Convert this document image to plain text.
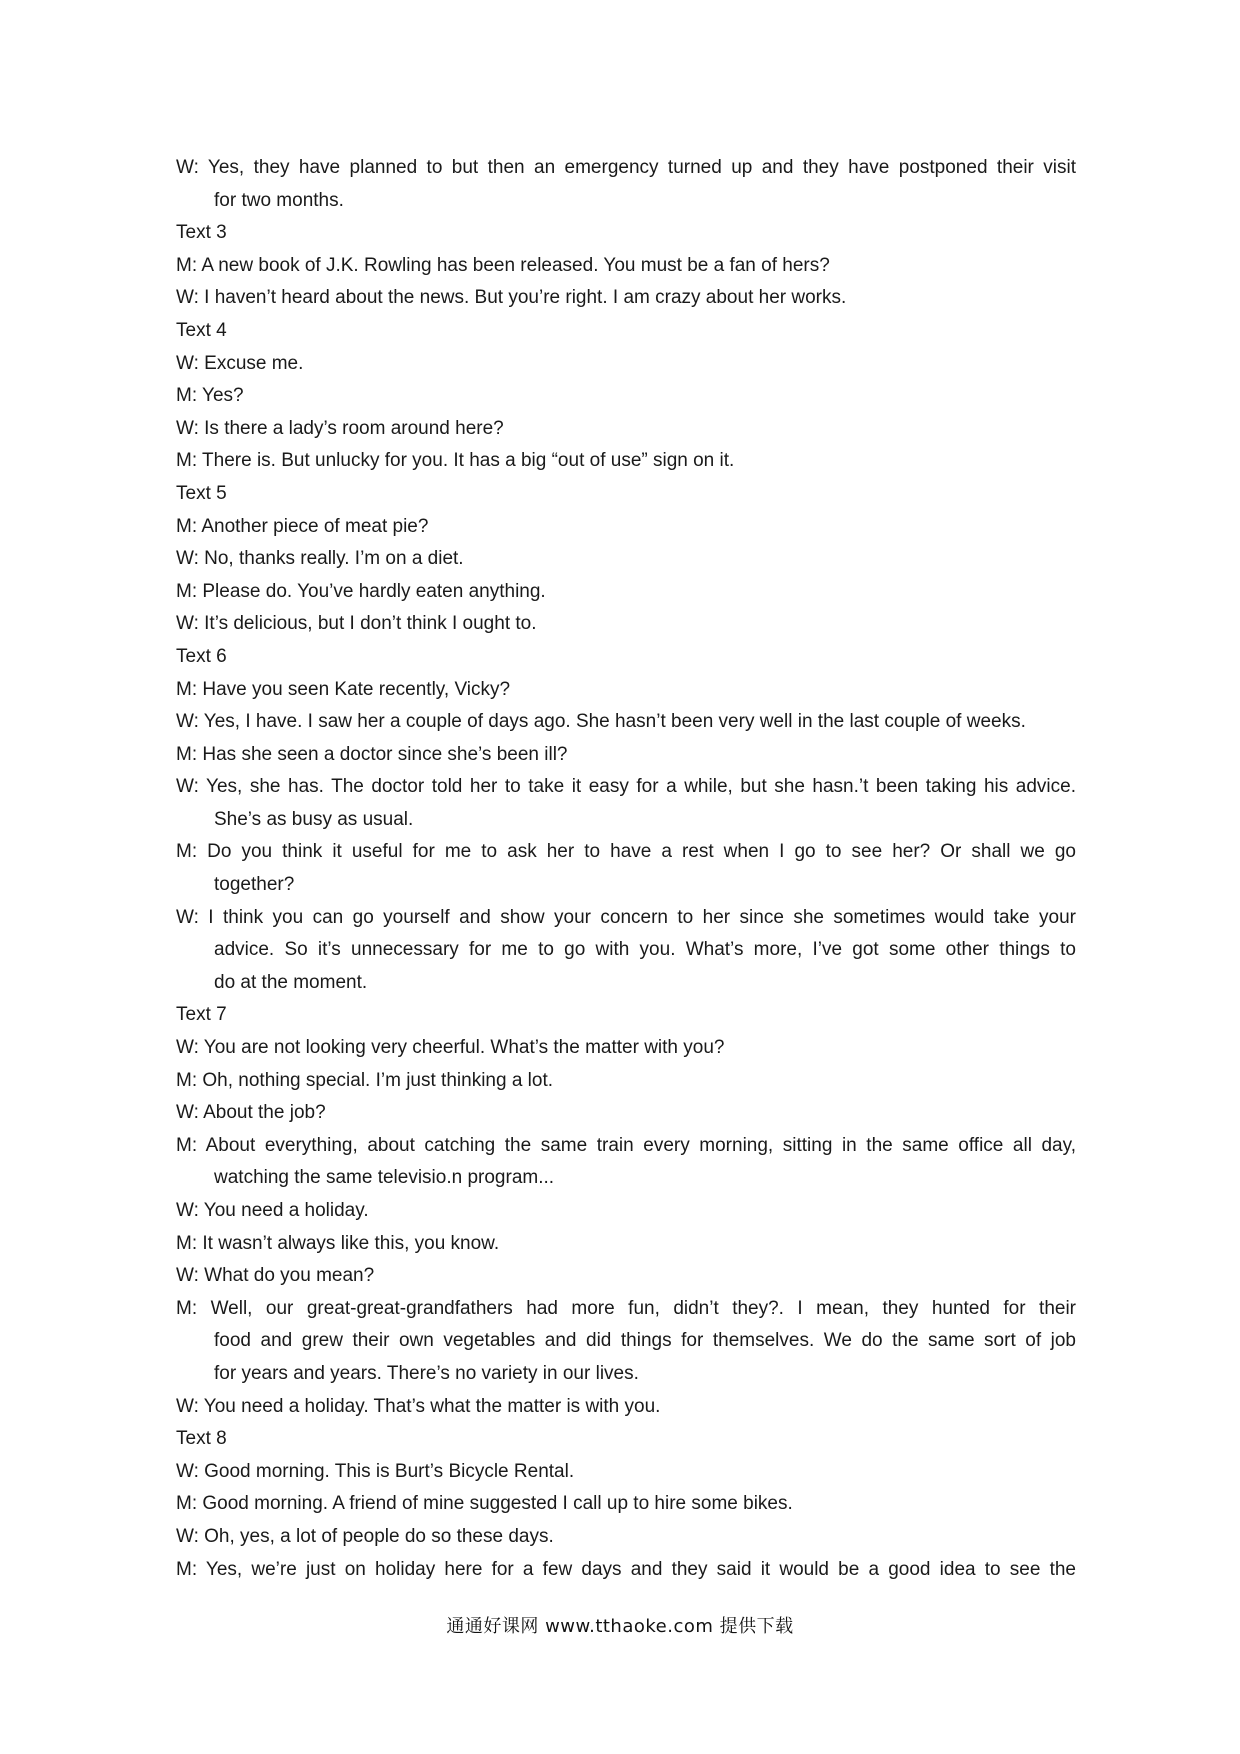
W: Yes, they have planned to but then an emergency turned up and they have postponed their visit
for two months.
Text 3
M: A new book of J.K. Rowling has been released. You must be a fan of hers?
W: I haven’t heard about the news. But you’re right. I am crazy about her works.
Text 4
W: Excuse me.
M: Yes?
W: Is there a lady’s room around here?
M: There is. But unlucky for you. It has a big “out of use” sign on it.
Text 5
M: Another piece of meat pie?
W: No, thanks really. I’m on a diet.
M: Please do. You’ve hardly eaten anything.
W: It’s delicious, but I don’t think I ought to.
Text 6
M: Have you seen Kate recently, Vicky?
W: Yes, I have. I saw her a couple of days ago. She hasn’t been very well in the last couple of weeks.
M: Has she seen a doctor since she’s been ill?
W: Yes, she has. The doctor told her to take it easy for a while, but she hasn.’t been taking his advice.
She’s as busy as usual.
M: Do you think it useful for me to ask her to have a rest when I go to see her? Or shall we go
together?
W: I think you can go yourself and show your concern to her since she sometimes would take your
advice. So it’s unnecessary for me to go with you. What’s more, I’ve got some other things to
do at the moment.
Text 7
W: You are not looking very cheerful. What’s the matter with you?
M: Oh, nothing special. I’m just thinking a lot.
W: About the job?
M: About everything, about catching the same train every morning, sitting in the same office all day,
watching the same televisio.n program...
W: You need a holiday.
M: It wasn’t always like this, you know.
W: What do you mean?
M: Well, our great-great-grandfathers had more fun, didn’t they?. I mean, they hunted for their
food and grew their own vegetables and did things for themselves. We do the same sort of job
for years and years. There’s no variety in our lives.
W: You need a holiday. That’s what the matter is with you.
Text 8
W: Good morning. This is Burt’s Bicycle Rental.
M: Good morning. A friend of mine suggested I call up to hire some bikes.
W: Oh, yes, a lot of people do so these days.
M: Yes, we’re just on holiday here for a few days and they said it would be a good idea to see the
通通好课网 www.tthaoke.com 提供下载
